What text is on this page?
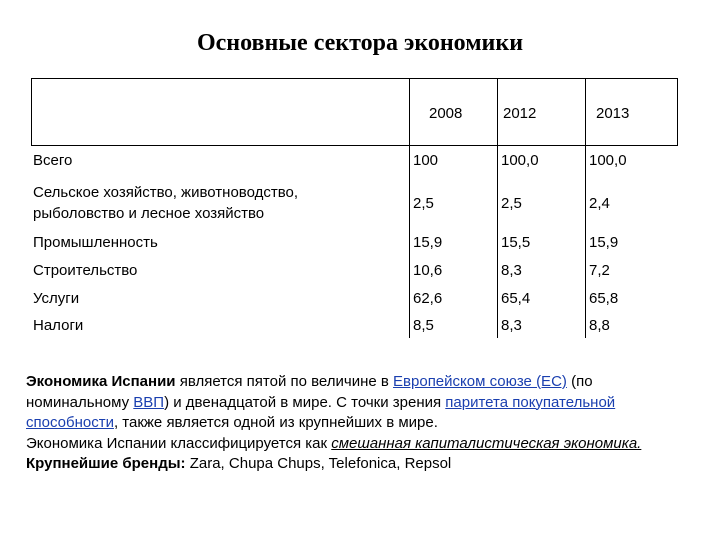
Основные сектора экономики
2008	2012	2013
Всего	100	100,0	100,0
Сельское хозяйство, животноводство,
рыболовство и лесное хозяйство
2,5	2,5	2,4
Промышленность	15,9	15,5	15,9
Строительство	10,6	8,3	7,2
Услуги	62,6	65,4	65,8
Налоги	8,5	8,3	8,8
Экономика Испании является пятой по величине в Европейском союзе (ЕС) (по номинальному ВВП) и двенадцатой в мире. С точки зрения паритета покупательной способности, также является одной из крупнейших в мире.
Экономика Испании классифицируется как смешанная капиталистическая экономика.
Крупнейшие бренды: Zara, Chupa Chups, Telefonica, Repsol
